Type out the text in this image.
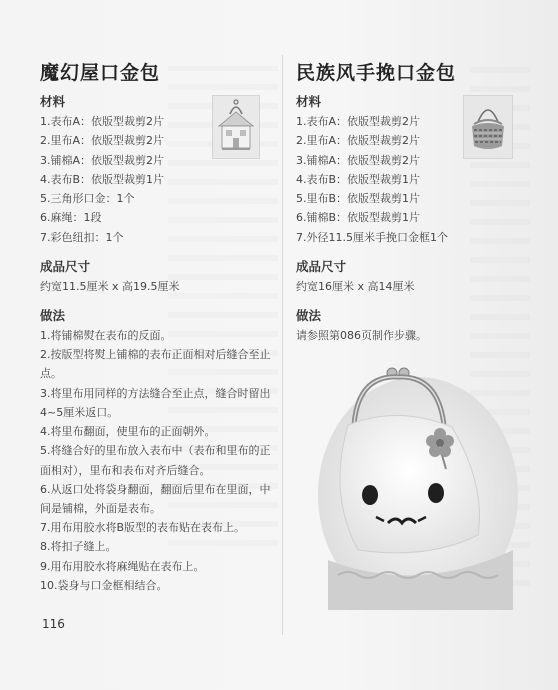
魔幻屋口金包
材料
1.表布A：依版型裁剪2片
2.里布A：依版型裁剪2片
3.铺棉A：依版型裁剪2片
4.表布B：依版型裁剪1片
5.三角形口金：1个
6.麻绳：1段
7.彩色纽扣：1个
成品尺寸
约宽11.5厘米 x 高19.5厘米
做法
1.将铺棉熨在表布的反面。
2.按版型将熨上铺棉的表布正面相对后缝合至止点。
3.将里布用同样的方法缝合至止点，缝合时留出4~5厘米返口。
4.将里布翻面，使里布的正面朝外。
5.将缝合好的里布放入表布中（表布和里布的正面相对），里布和表布对齐后缝合。
6.从返口处将袋身翻面，翻面后里布在里面，中间是铺棉，外面是表布。
7.用布用胶水将B版型的表布贴在表布上。
8.将扣子缝上。
9.用布用胶水将麻绳贴在表布上。
10.袋身与口金框相结合。
民族风手挽口金包
材料
1.表布A：依版型裁剪2片
2.里布A：依版型裁剪2片
3.铺棉A：依版型裁剪2片
4.表布B：依版型裁剪1片
5.里布B：依版型裁剪1片
6.铺棉B：依版型裁剪1片
7.外径11.5厘米手挽口金框1个
成品尺寸
约宽16厘米 x 高14厘米
做法
请参照第086页制作步骤。
116
